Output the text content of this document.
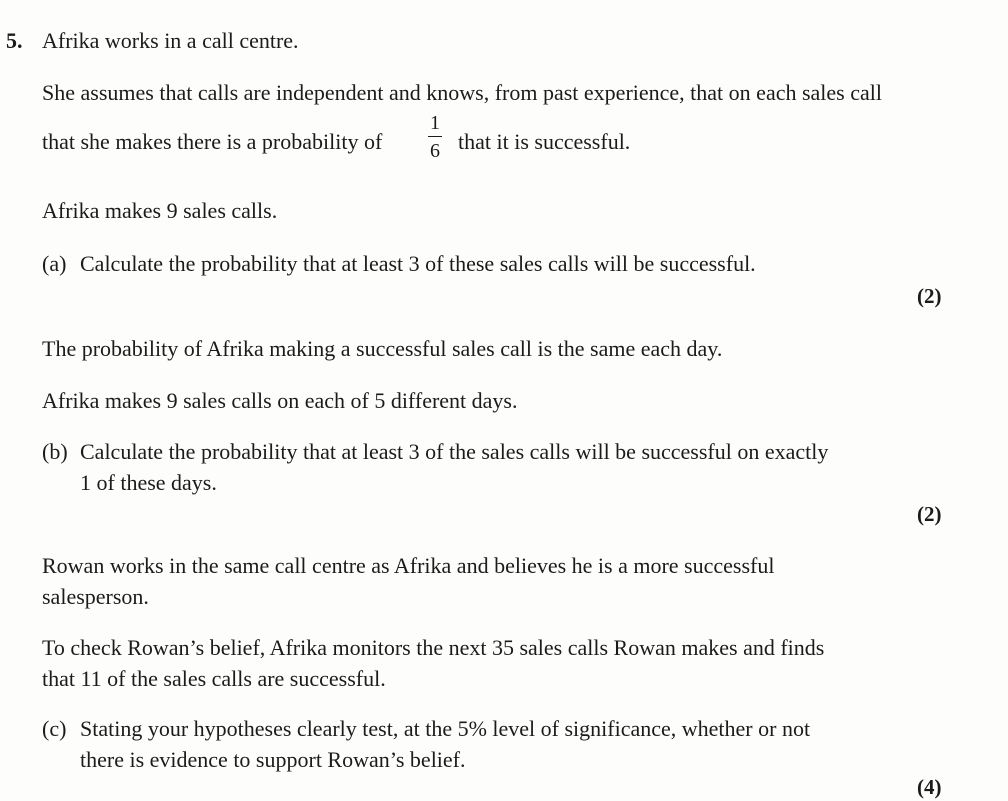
5. Afrika works in a call centre.
She assumes that calls are independent and knows, from past experience, that on each sales call
that she makes there is a probability of
1
6 that it is successful.
Afrika makes 9 sales calls.
(a) Calculate the probability that at least 3 of these sales calls will be successful.
(2)
The probability of Afrika making a successful sales call is the same each day.
Afrika makes 9 sales calls on each of 5 different days.
(b) Calculate the probability that at least 3 of the sales calls will be successful on exactly
1 of these days.
(2)
Rowan works in the same call centre as Afrika and believes he is a more successful
salesperson.
To check Rowan’s belief, Afrika monitors the next 35 sales calls Rowan makes and finds
that 11 of the sales calls are successful.
(c) Stating your hypotheses clearly test, at the 5% level of significance, whether or not
there is evidence to support Rowan’s belief.
(4)
